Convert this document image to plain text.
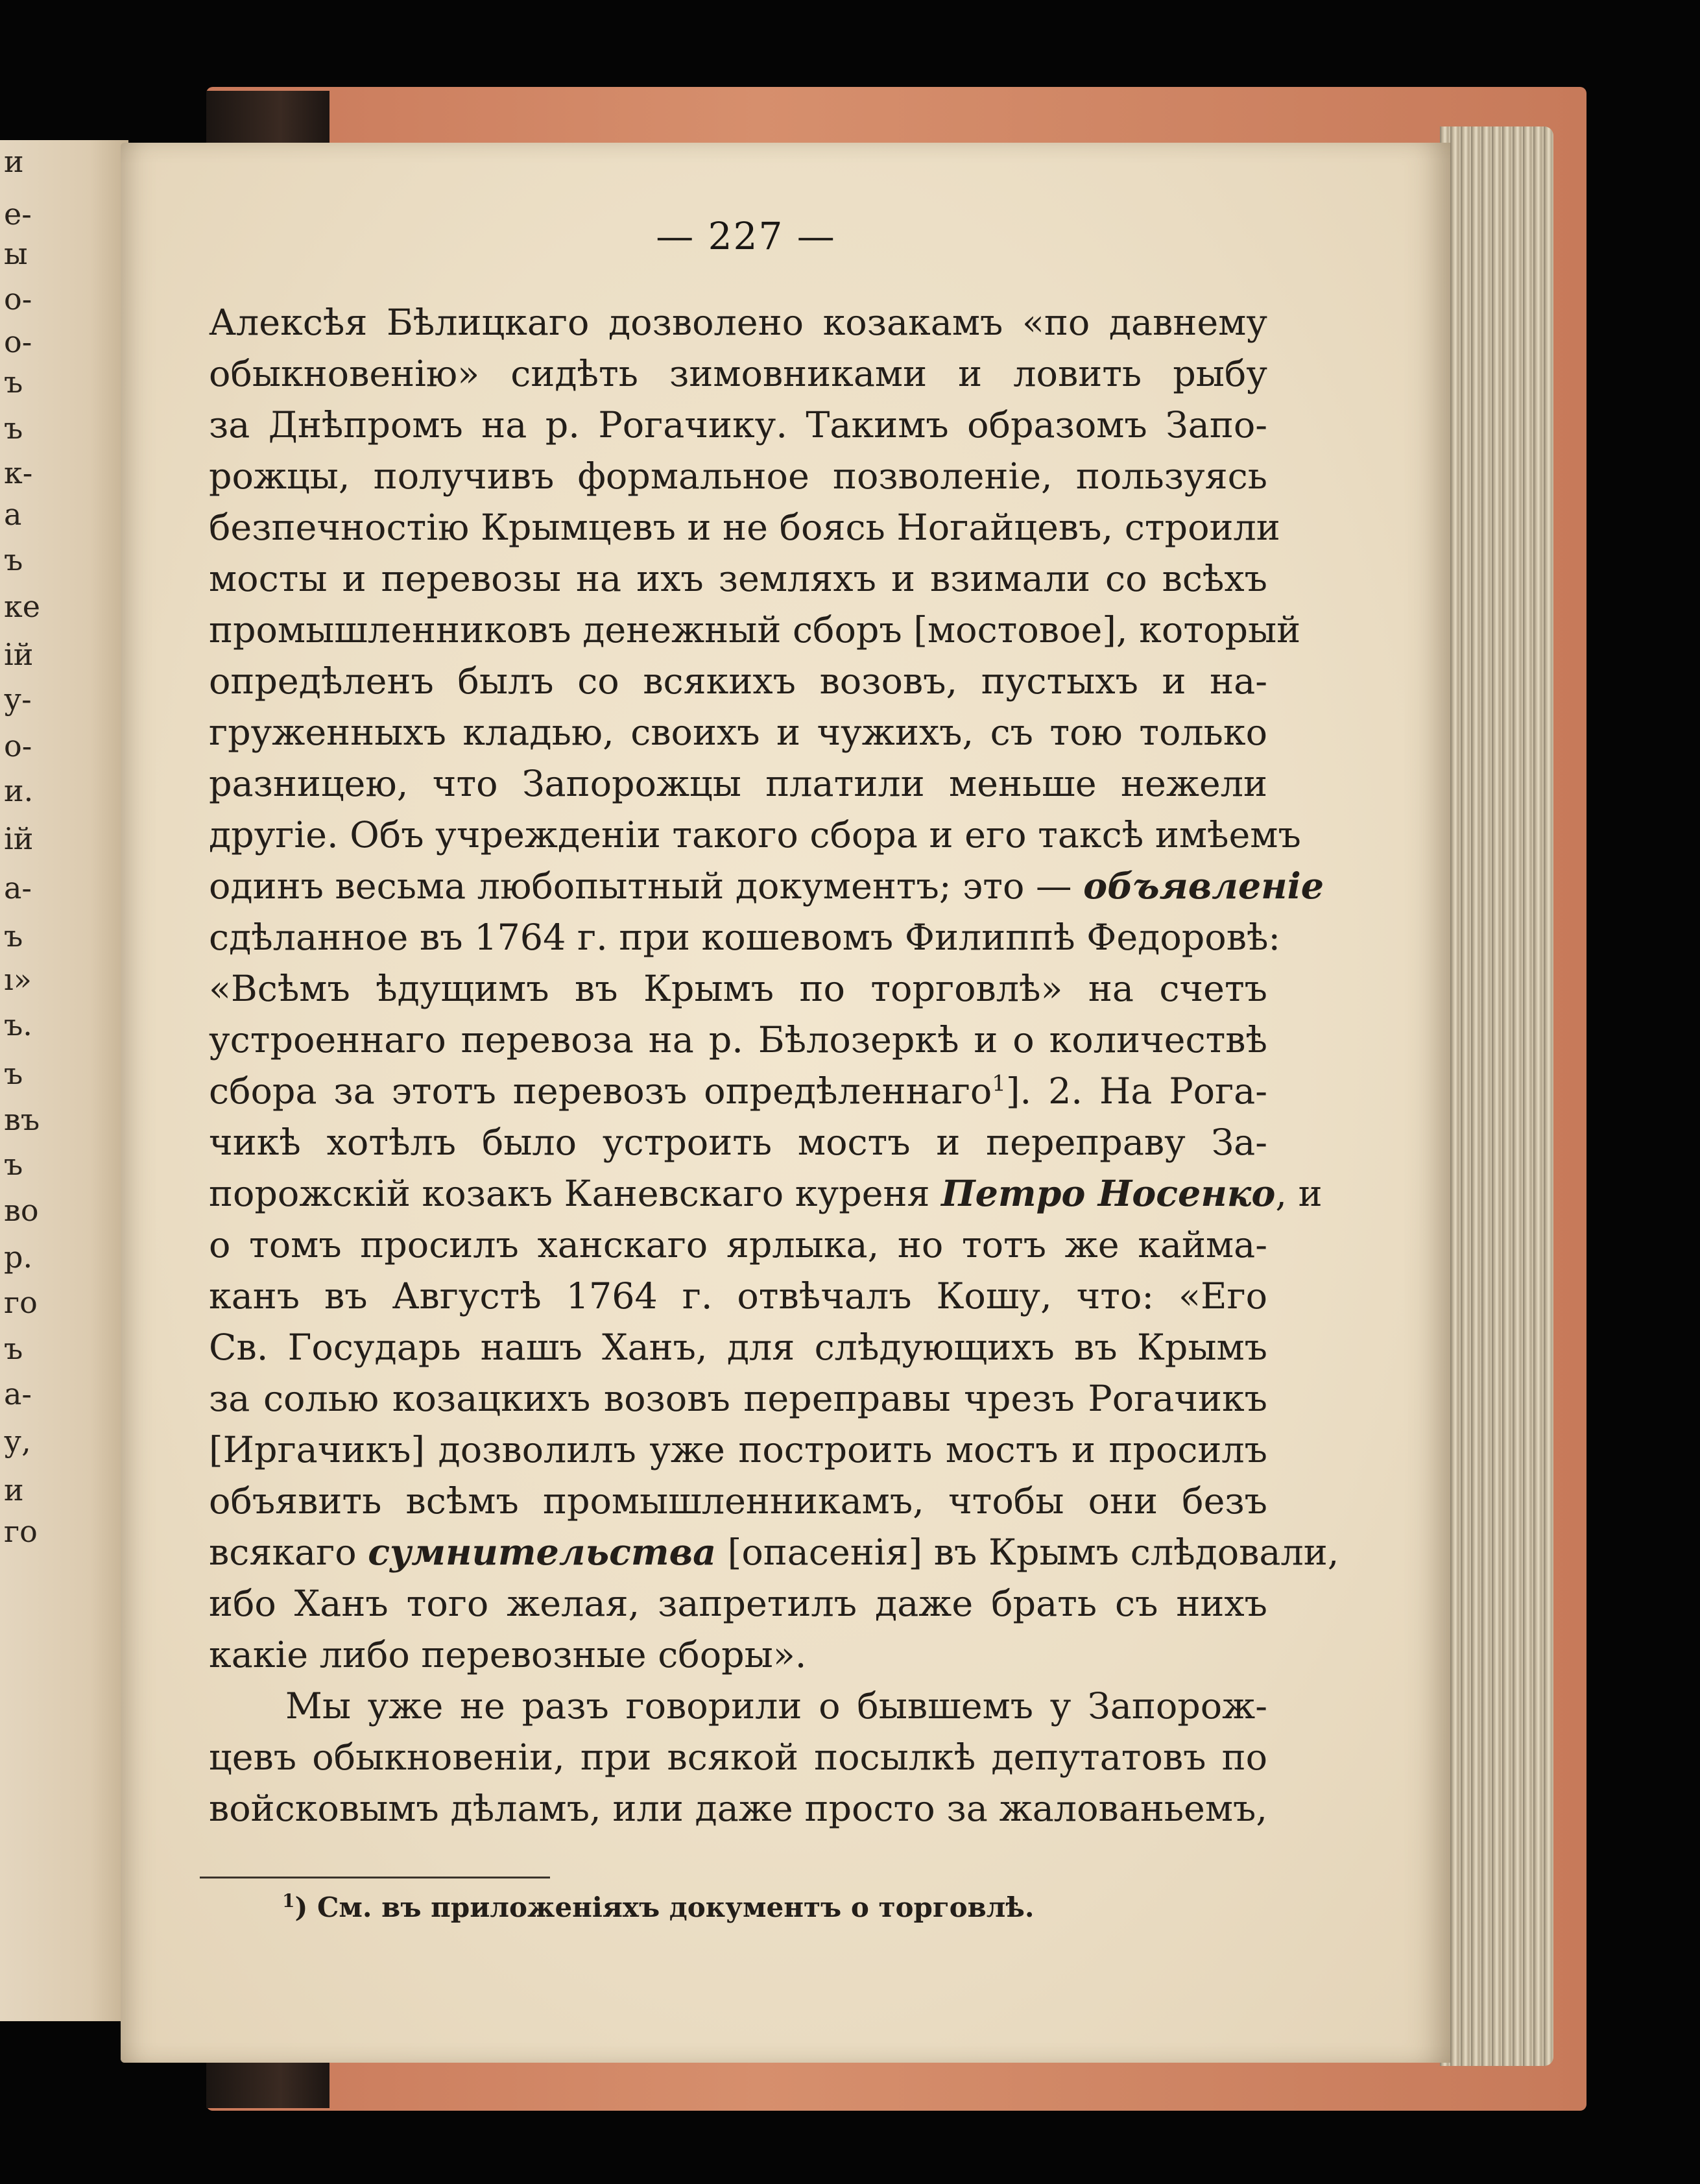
и
е-
ы
о-
о-
ъ
ъ
к-
а
ъ
ке
ій
у-
о-
и.
ій
а-
ъ
ı»
ъ.
ъ
въ
ъ
во
р.
го
ъ
а-
у,
и
го
— 227 —
Алексѣя Бѣлицкаго дозволено козакамъ «по давнему
обыкновенію» сидѣть зимовниками и ловить рыбу
за Днѣпромъ на р. Рогачику. Такимъ образомъ Запо-
рожцы, получивъ формальное позволеніе, пользуясь
безпечностію Крымцевъ и не боясь Ногайцевъ, строили
мосты и перевозы на ихъ земляхъ и взимали со всѣхъ
промышленниковъ денежный сборъ [мостовое], который
опредѣленъ былъ со всякихъ возовъ, пустыхъ и на-
груженныхъ кладью, своихъ и чужихъ, съ тою только
разницею, что Запорожцы платили меньше нежели
другіе. Объ учрежденіи такого сбора и его таксѣ имѣемъ
одинъ весьма любопытный документъ; это — объявленіе
сдѣланное въ 1764 г. при кошевомъ Филиппѣ Федоровѣ:
«Всѣмъ ѣдущимъ въ Крымъ по торговлѣ» на счетъ
устроеннаго перевоза на р. Бѣлозеркѣ и о количествѣ
сбора за этотъ перевозъ опредѣленнаго$^1$]. 2. На Рога-
чикѣ хотѣлъ было устроить мостъ и переправу За-
порожскій козакъ Каневскаго куреня Петро Носенко, и
о томъ просилъ ханскаго ярлыка, но тотъ же каймa-
канъ въ Августѣ 1764 г. отвѣчалъ Кошу, что: «Его
Св. Государь нашъ Ханъ, для слѣдующихъ въ Крымъ
за солью козацкихъ возовъ переправы чрезъ Рогачикъ
[Иргачикъ] дозволилъ уже построить мостъ и просилъ
объявить всѣмъ промышленникамъ, чтобы они безъ
всякаго сумнительства [опасенія] въ Крымъ слѣдовали,
ибо Ханъ того желая, запретилъ даже брать съ нихъ
какіе либо перевозные сборы».
Мы уже не разъ говорили о бывшемъ у Запорож-
цевъ обыкновеніи, при всякой посылкѣ депутатовъ по
войсковымъ дѣламъ, или даже просто за жалованьемъ,
$^1$) См. въ приложеніяхъ документъ о торговлѣ.
